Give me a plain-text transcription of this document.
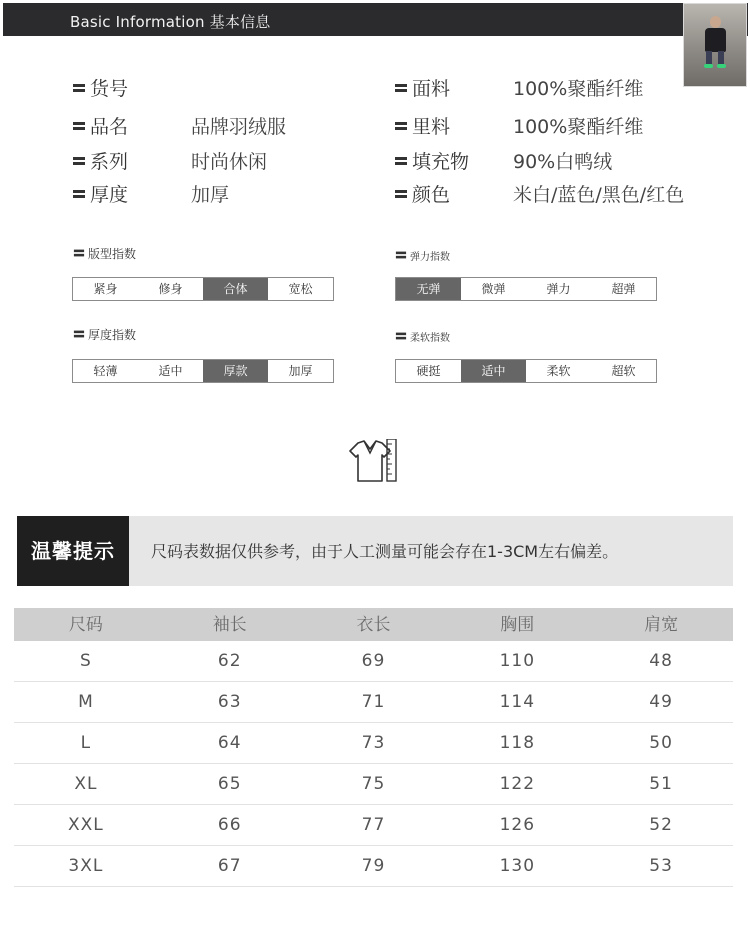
Basic Information 基本信息
货号
品名	品牌羽绒服
系列	时尚休闲
厚度	加厚
面料	100%聚酯纤维
里料	100%聚酯纤维
填充物 90%白鸭绒
颜色	米白/蓝色/黑色/红色
版型指数
紧身	修身	合体	宽松
弹力指数
无弹	微弹	弹力	超弹
厚度指数
轻薄	适中	厚款	加厚
柔软指数
硬挺	适中	柔软	超软
温馨提示	尺码表数据仅供参考，由于人工测量可能会存在1-3CM左右偏差。
尺码	袖长	衣长	胸围	肩宽
S	62	69	110	48
M	63	71	114	49
L	64	73	118	50
XL	65	75	122	51
XXL	66	77	126	52
3XL	67	79	130	53
